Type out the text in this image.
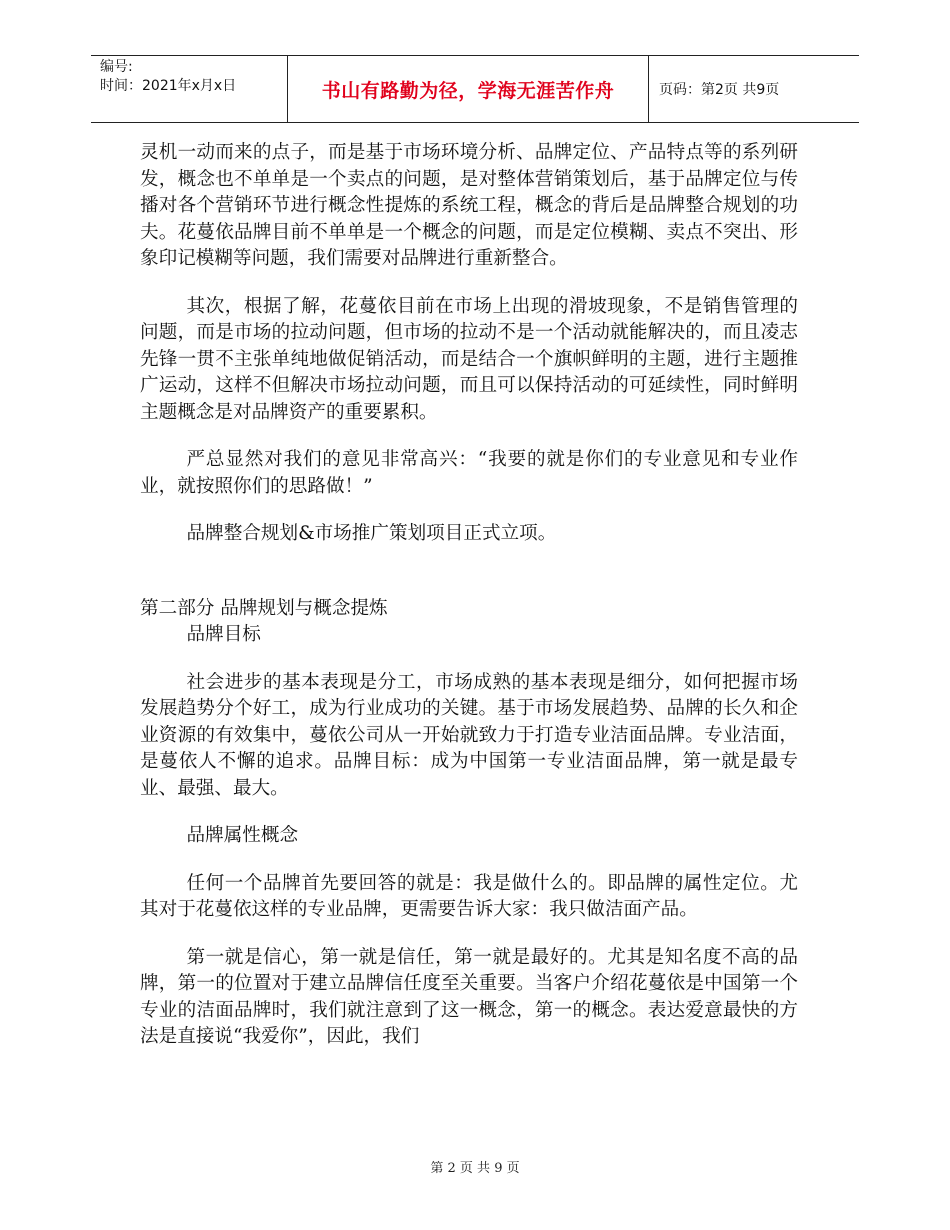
编号:
时间：2021年x月x日	书山有路勤为径，学海无涯苦作舟	页码：第2页 共9页

灵机一动而来的点子，而是基于市场环境分析、品牌定位、产品特点等的系列研发，概念也不单单是一个卖点的问题，是对整体营销策划后，基于品牌定位与传播对各个营销环节进行概念性提炼的系统工程，概念的背后是品牌整合规划的功夫。花蔓依品牌目前不单单是一个概念的问题，而是定位模糊、卖点不突出、形象印记模糊等问题，我们需要对品牌进行重新整合。

其次，根据了解，花蔓依目前在市场上出现的滑坡现象，不是销售管理的问题，而是市场的拉动问题，但市场的拉动不是一个活动就能解决的，而且凌志先锋一贯不主张单纯地做促销活动，而是结合一个旗帜鲜明的主题，进行主题推广运动，这样不但解决市场拉动问题，而且可以保持活动的可延续性，同时鲜明主题概念是对品牌资产的重要累积。

严总显然对我们的意见非常高兴：“我要的就是你们的专业意见和专业作业，就按照你们的思路做！”

品牌整合规划&市场推广策划项目正式立项。

第二部分 品牌规划与概念提炼

品牌目标

社会进步的基本表现是分工，市场成熟的基本表现是细分，如何把握市场发展趋势分个好工，成为行业成功的关键。基于市场发展趋势、品牌的长久和企业资源的有效集中，蔓依公司从一开始就致力于打造专业洁面品牌。专业洁面，是蔓依人不懈的追求。品牌目标：成为中国第一专业洁面品牌，第一就是最专业、最强、最大。

品牌属性概念

任何一个品牌首先要回答的就是：我是做什么的。即品牌的属性定位。尤其对于花蔓依这样的专业品牌，更需要告诉大家：我只做洁面产品。

第一就是信心，第一就是信任，第一就是最好的。尤其是知名度不高的品牌，第一的位置对于建立品牌信任度至关重要。当客户介绍花蔓依是中国第一个专业的洁面品牌时，我们就注意到了这一概念，第一的概念。表达爱意最快的方法是直接说“我爱你”，因此，我们

第 2 页 共 9 页
